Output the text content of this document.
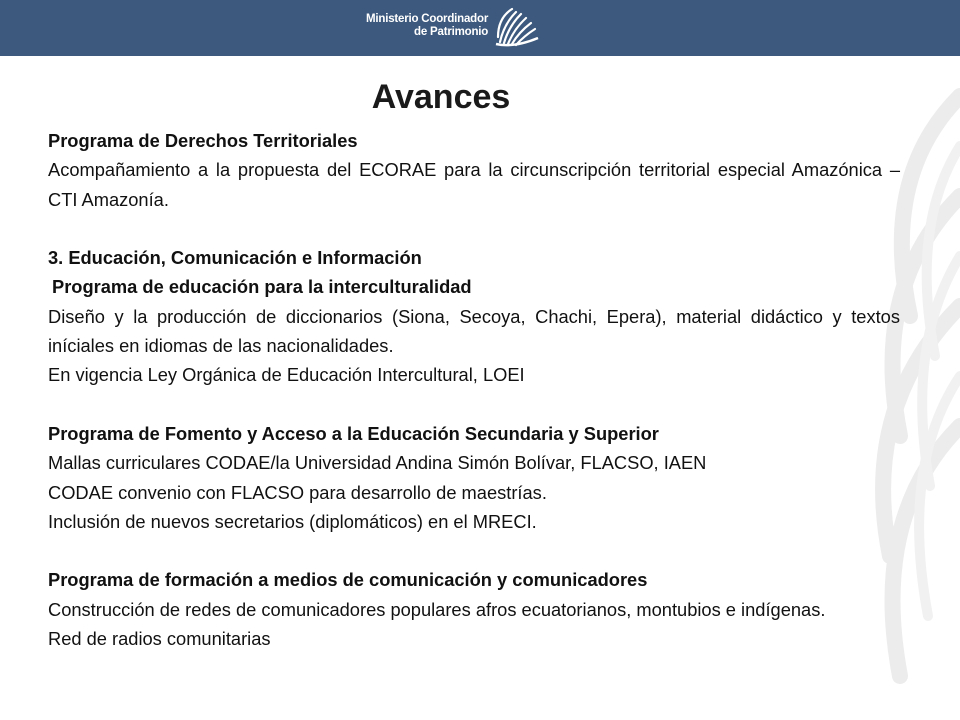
Ministerio Coordinador
de Patrimonio
Avances

Programa de Derechos Territoriales

Acompañamiento a la propuesta del ECORAE para la circunscripción territorial especial Amazónica – CTI Amazonía.

3. Educación, Comunicación e Información

Programa de educación para la interculturalidad

Diseño y la producción de diccionarios (Siona, Secoya, Chachi, Epera), material didáctico y textos iníciales en idiomas de las nacionalidades.

En vigencia Ley Orgánica de Educación Intercultural, LOEI

Programa de Fomento y Acceso a la Educación Secundaria y Superior

Mallas curriculares CODAE/la Universidad Andina Simón Bolívar, FLACSO, IAEN

CODAE convenio con FLACSO para desarrollo de maestrías.

Inclusión de nuevos secretarios (diplomáticos) en el MRECI.

Programa de formación a medios de comunicación y comunicadores

Construcción de redes de comunicadores populares afros ecuatorianos, montubios e indígenas.

Red de radios comunitarias
